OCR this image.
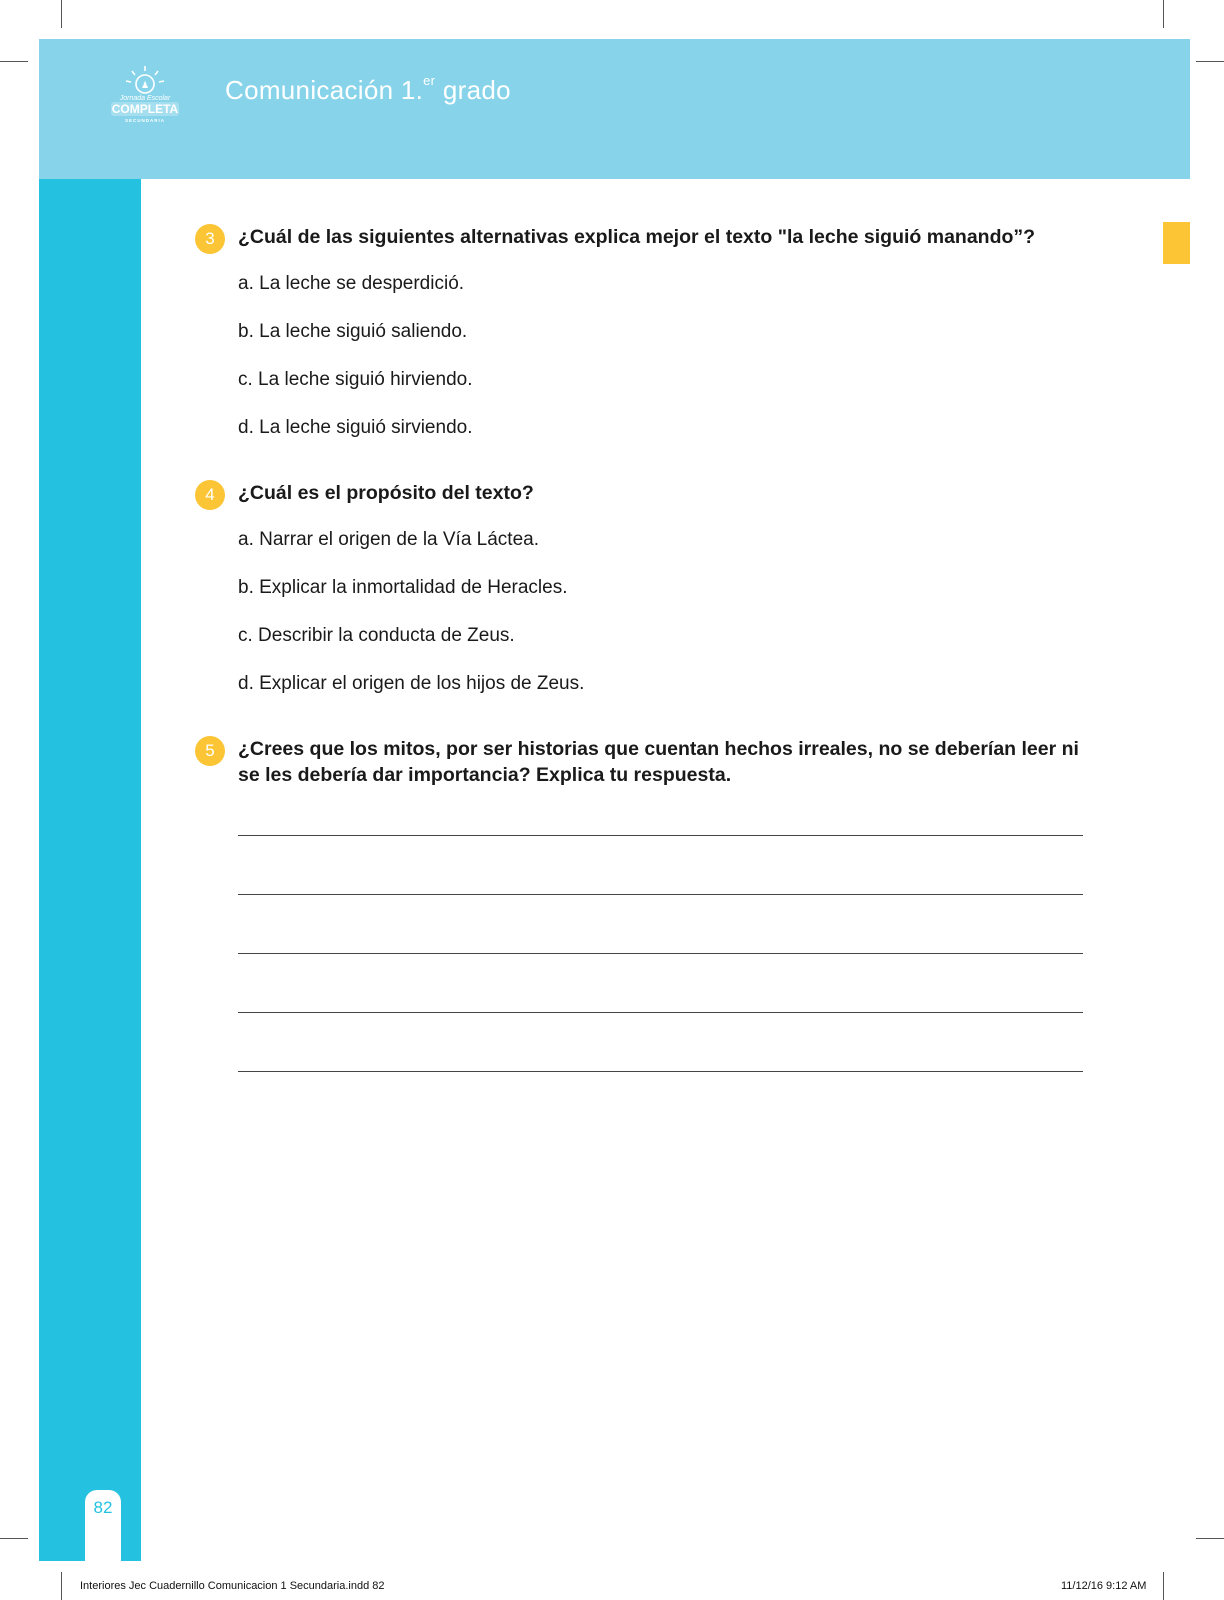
♟
Jornada Escolar
COMPLETA
SECUNDARIA
Comunicación 1.$^{er}$ grado
82
3	¿Cuál de las siguientes alternativas explica mejor el texto "la leche siguió manando”?
a. La leche se desperdició.
b. La leche siguió saliendo.
c. La leche siguió hirviendo.
d. La leche siguió sirviendo.
4	¿Cuál es el propósito del texto?
a. Narrar el origen de la Vía Láctea.
b. Explicar la inmortalidad de Heracles.
c. Describir la conducta de Zeus.
d. Explicar el origen de los hijos de Zeus.
5	¿Crees que los mitos, por ser historias que cuentan hechos irreales, no se deberían leer ni se les debería dar importancia? Explica tu respuesta.
Interiores Jec Cuadernillo Comunicacion 1 Secundaria.indd 82	11/12/16 9:12 AM
